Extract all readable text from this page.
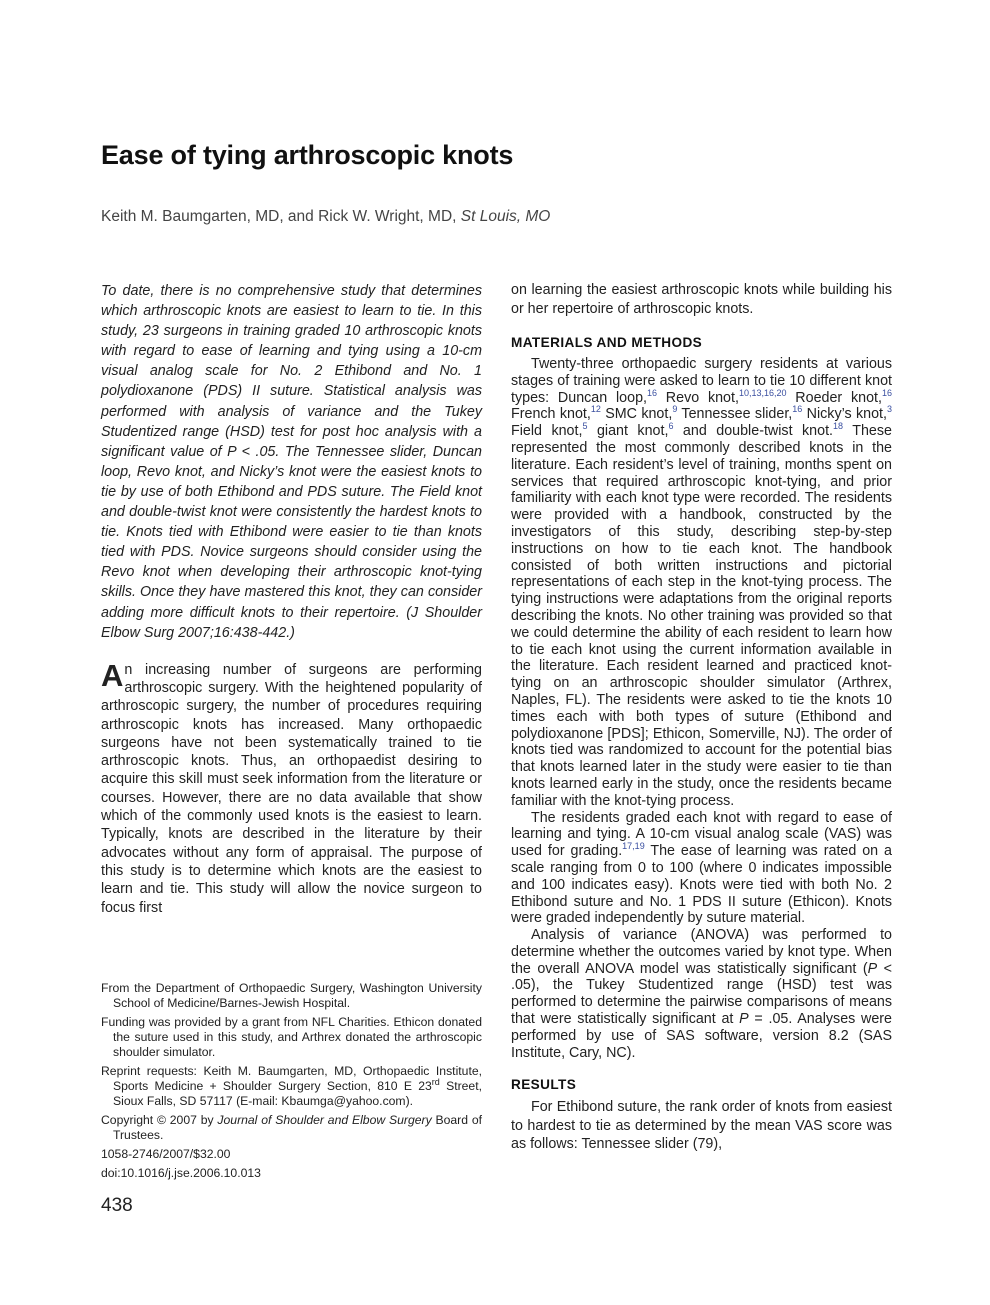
Ease of tying arthroscopic knots
Keith M. Baumgarten, MD, and Rick W. Wright, MD, St Louis, MO

To date, there is no comprehensive study that determines which arthroscopic knots are easiest to learn to tie. In this study, 23 surgeons in training graded 10 arthroscopic knots with regard to ease of learning and tying using a 10-cm visual analog scale for No. 2 Ethibond and No. 1 polydioxanone (PDS) II suture. Statistical analysis was performed with analysis of variance and the Tukey Studentized range (HSD) test for post hoc analysis with a significant value of P < .05. The Tennessee slider, Duncan loop, Revo knot, and Nicky’s knot were the easiest knots to tie by use of both Ethibond and PDS suture. The Field knot and double-twist knot were consistently the hardest knots to tie. Knots tied with Ethibond were easier to tie than knots tied with PDS. Novice surgeons should consider using the Revo knot when developing their arthroscopic knot-tying skills. Once they have mastered this knot, they can consider adding more difficult knots to their repertoire. (J Shoulder Elbow Surg 2007;16:438-442.)

An increasing number of surgeons are performing arthroscopic surgery. With the heightened popularity of arthroscopic surgery, the number of procedures requiring arthroscopic knots has increased. Many orthopaedic surgeons have not been systematically trained to tie arthroscopic knots. Thus, an orthopaedist desiring to acquire this skill must seek information from the literature or courses. However, there are no data available that show which of the commonly used knots is the easiest to learn. Typically, knots are described in the literature by their advocates without any form of appraisal. The purpose of this study is to determine which knots are the easiest to learn and tie. This study will allow the novice surgeon to focus first

From the Department of Orthopaedic Surgery, Washington University School of Medicine/Barnes-Jewish Hospital.

Funding was provided by a grant from NFL Charities. Ethicon donated the suture used in this study, and Arthrex donated the arthroscopic shoulder simulator.

Reprint requests: Keith M. Baumgarten, MD, Orthopaedic Institute, Sports Medicine + Shoulder Surgery Section, 810 E 23rd Street, Sioux Falls, SD 57117 (E-mail: Kbaumga@yahoo.com).

Copyright © 2007 by Journal of Shoulder and Elbow Surgery Board of Trustees.

1058-2746/2007/$32.00

doi:10.1016/j.jse.2006.10.013

438

on learning the easiest arthroscopic knots while building his or her repertoire of arthroscopic knots.

MATERIALS AND METHODS

Twenty-three orthopaedic surgery residents at various stages of training were asked to learn to tie 10 different knot types: Duncan loop,$^{16}$ Revo knot,$^{10,13,16,20}$ Roeder knot,$^{16}$ French knot,$^{12}$ SMC knot,$^9$ Tennessee slider,$^{16}$ Nicky’s knot,$^3$ Field knot,$^5$ giant knot,$^6$ and double-twist knot.$^{18}$ These represented the most commonly described knots in the literature. Each resident’s level of training, months spent on services that required arthroscopic knot-tying, and prior familiarity with each knot type were recorded. The residents were provided with a handbook, constructed by the investigators of this study, describing step-by-step instructions on how to tie each knot. The handbook consisted of both written instructions and pictorial representations of each step in the knot-tying process. The tying instructions were adaptations from the original reports describing the knots. No other training was provided so that we could determine the ability of each resident to learn how to tie each knot using the current information available in the literature. Each resident learned and practiced knot-tying on an arthroscopic shoulder simulator (Arthrex, Naples, FL). The residents were asked to tie the knots 10 times each with both types of suture (Ethibond and polydioxanone [PDS]; Ethicon, Somerville, NJ). The order of knots tied was randomized to account for the potential bias that knots learned later in the study were easier to tie than knots learned early in the study, once the residents became familiar with the knot-tying process.

The residents graded each knot with regard to ease of learning and tying. A 10-cm visual analog scale (VAS) was used for grading.$^{17,19}$ The ease of learning was rated on a scale ranging from 0 to 100 (where 0 indicates impossible and 100 indicates easy). Knots were tied with both No. 2 Ethibond suture and No. 1 PDS II suture (Ethicon). Knots were graded independently by suture material.

Analysis of variance (ANOVA) was performed to determine whether the outcomes varied by knot type. When the overall ANOVA model was statistically significant (P < .05), the Tukey Studentized range (HSD) test was performed to determine the pairwise comparisons of means that were statistically significant at P = .05. Analyses were performed by use of SAS software, version 8.2 (SAS Institute, Cary, NC).

RESULTS

For Ethibond suture, the rank order of knots from easiest to hardest to tie as determined by the mean VAS score was as follows: Tennessee slider (79),
